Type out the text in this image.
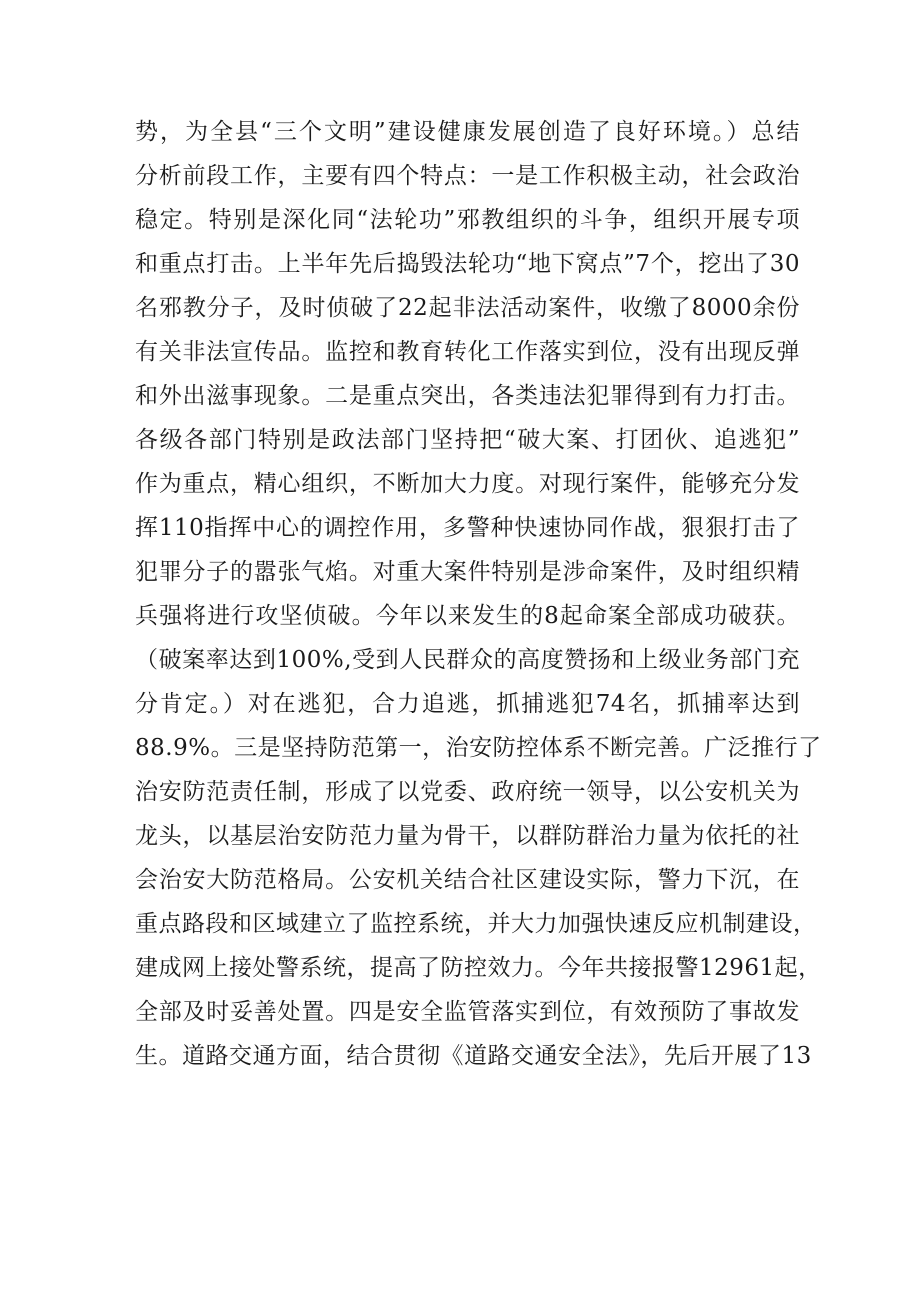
势，为全县“三个文明”建设健康发展创造了良好环境。）总结
分析前段工作，主要有四个特点：一是工作积极主动，社会政治
稳定。特别是深化同“法轮功”邪教组织的斗争，组织开展专项
和重点打击。上半年先后捣毁法轮功“地下窝点”7个，挖出了30
名邪教分子，及时侦破了22起非法活动案件，收缴了8000余份
有关非法宣传品。监控和教育转化工作落实到位，没有出现反弹
和外出滋事现象。二是重点突出，各类违法犯罪得到有力打击。
各级各部门特别是政法部门坚持把“破大案、打团伙、追逃犯”
作为重点，精心组织，不断加大力度。对现行案件，能够充分发
挥110指挥中心的调控作用，多警种快速协同作战，狠狠打击了
犯罪分子的嚣张气焰。对重大案件特别是涉命案件，及时组织精
兵强将进行攻坚侦破。今年以来发生的8起命案全部成功破获。
（破案率达到100%,受到人民群众的高度赞扬和上级业务部门充
分肯定。）对在逃犯，合力追逃，抓捕逃犯74名，抓捕率达到
88.9%。三是坚持防范第一，治安防控体系不断完善。广泛推行了
治安防范责任制，形成了以党委、政府统一领导，以公安机关为
龙头，以基层治安防范力量为骨干，以群防群治力量为依托的社
会治安大防范格局。公安机关结合社区建设实际，警力下沉，在
重点路段和区域建立了监控系统，并大力加强快速反应机制建设，
建成网上接处警系统，提高了防控效力。今年共接报警12961起，
全部及时妥善处置。四是安全监管落实到位，有效预防了事故发
生。道路交通方面，结合贯彻《道路交通安全法》，先后开展了13
